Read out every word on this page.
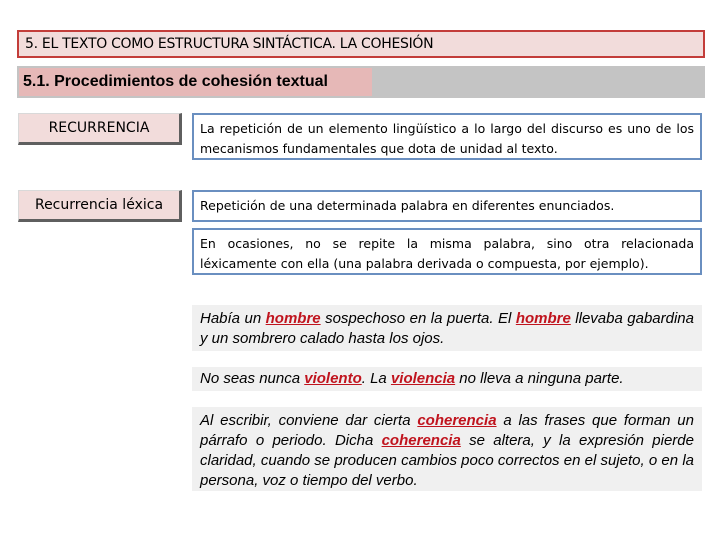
5. EL TEXTO COMO ESTRUCTURA SINTÁCTICA. LA COHESIÓN
5.1. Procedimientos de cohesión textual
RECURRENCIA	La repetición de un elemento lingüístico a lo largo del discurso es uno de los mecanismos fundamentales que dota de unidad al texto.
Recurrencia léxica	Repetición de una determinada palabra en diferentes enunciados.
En ocasiones, no se repite la misma palabra, sino otra relacionada léxicamente con ella (una palabra derivada o compuesta, por ejemplo).
Había un hombre sospechoso en la puerta. El hombre llevaba gabardina y un sombrero calado hasta los ojos.
No seas nunca violento. La violencia no lleva a ninguna parte.
Al escribir, conviene dar cierta coherencia a las frases que forman un párrafo o periodo. Dicha coherencia se altera, y la expresión pierde claridad, cuando se producen cambios poco correctos en el sujeto, o en la persona, voz o tiempo del verbo.
